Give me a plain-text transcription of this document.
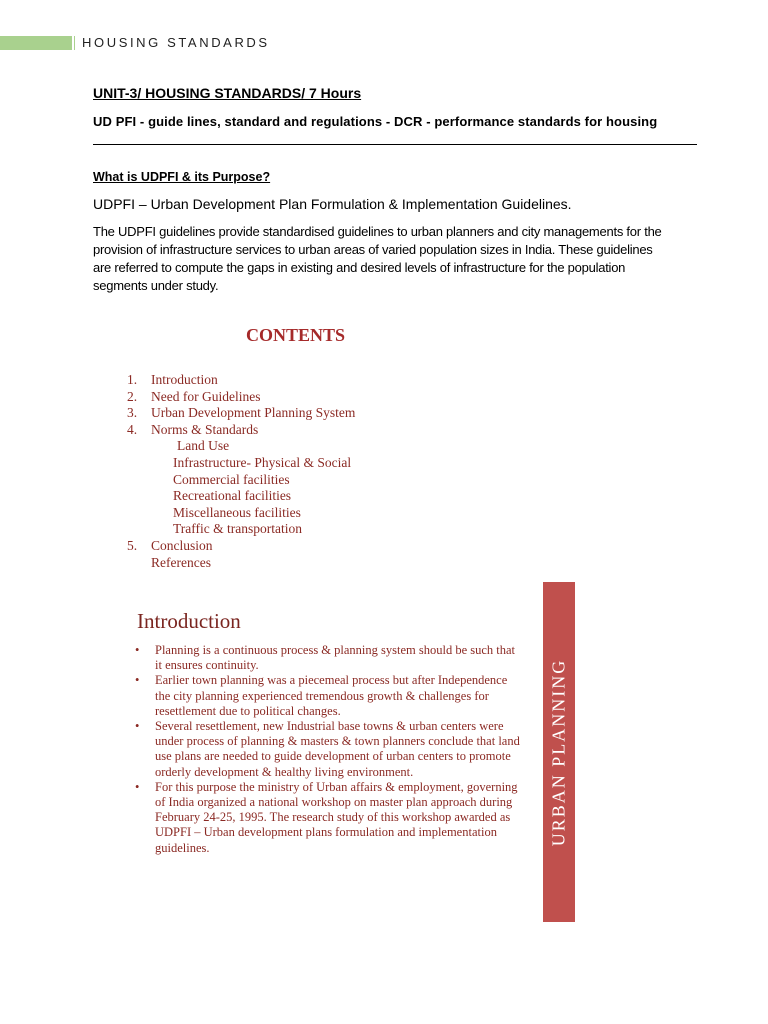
HOUSING STANDARDS
UNIT-3/ HOUSING STANDARDS/ 7 Hours
UD PFI - guide lines, standard and regulations - DCR - performance standards for housing
What is UDPFI & its Purpose?
UDPFI – Urban Development Plan Formulation & Implementation Guidelines.
The UDPFI guidelines provide standardised guidelines to urban planners and city managements for the provision of infrastructure services to urban areas of varied population sizes in India. These guidelines are referred to compute the gaps in existing and desired levels of infrastructure for the population segments under study.
CONTENTS
1. Introduction
2. Need for Guidelines
3. Urban Development Planning System
4. Norms & Standards
Land Use
Infrastructure- Physical & Social
Commercial facilities
Recreational facilities
Miscellaneous facilities
Traffic & transportation
5. Conclusion
References
Introduction
• Planning is a continuous process & planning system should be such that it ensures continuity.
• Earlier town planning was a piecemeal process but after Independence the city planning experienced tremendous growth & challenges for resettlement due to political changes.
• Several resettlement, new Industrial base towns & urban centers were under process of planning & masters & town planners conclude that land use plans are needed to guide development of urban centers to promote orderly development & healthy living environment.
• For this purpose the ministry of Urban affairs & employment, governing of India organized a national workshop on master plan approach during February 24-25, 1995. The research study of this workshop awarded as UDPFI – Urban development plans formulation and implementation guidelines.
URBAN PLANNING
